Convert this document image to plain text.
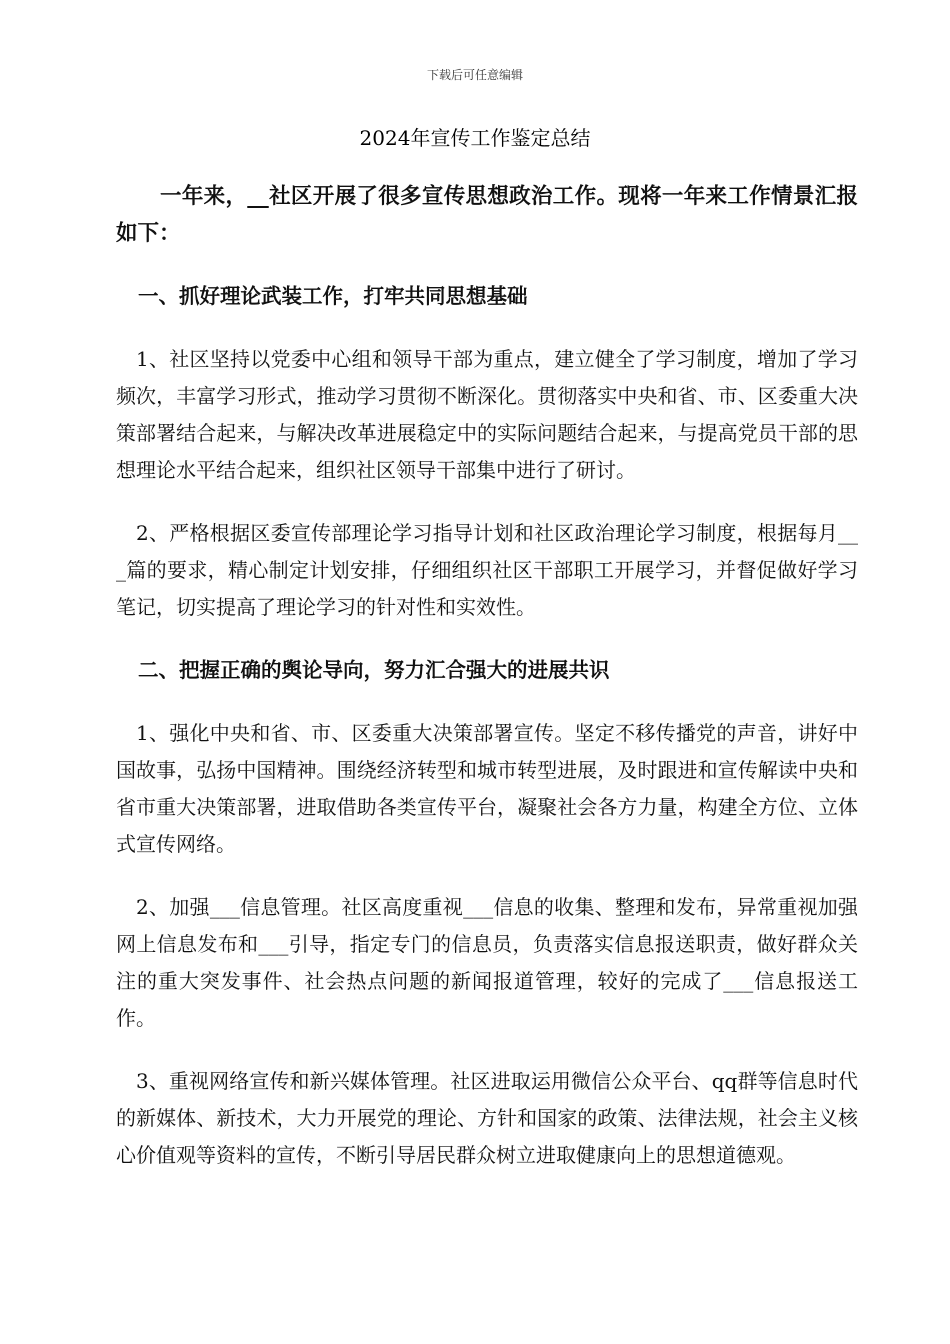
下载后可任意编辑
2024年宣传工作鉴定总结

一年来，__社区开展了很多宣传思想政治工作。现将一年来工作情景汇报如下：

一、抓好理论武装工作，打牢共同思想基础

1、社区坚持以党委中心组和领导干部为重点，建立健全了学习制度，增加了学习频次，丰富学习形式，推动学习贯彻不断深化。贯彻落实中央和省、市、区委重大决策部署结合起来，与解决改革进展稳定中的实际问题结合起来，与提高党员干部的思想理论水平结合起来，组织社区领导干部集中进行了研讨。

2、严格根据区委宣传部理论学习指导计划和社区政治理论学习制度，根据每月___篇的要求，精心制定计划安排，仔细组织社区干部职工开展学习，并督促做好学习笔记，切实提高了理论学习的针对性和实效性。

二、把握正确的舆论导向，努力汇合强大的进展共识

1、强化中央和省、市、区委重大决策部署宣传。坚定不移传播党的声音，讲好中国故事，弘扬中国精神。围绕经济转型和城市转型进展，及时跟进和宣传解读中央和省市重大决策部署，进取借助各类宣传平台，凝聚社会各方力量，构建全方位、立体式宣传网络。

2、加强___信息管理。社区高度重视___信息的收集、整理和发布，异常重视加强网上信息发布和___引导，指定专门的信息员，负责落实信息报送职责，做好群众关注的重大突发事件、社会热点问题的新闻报道管理，较好的完成了___信息报送工作。

3、重视网络宣传和新兴媒体管理。社区进取运用微信公众平台、qq群等信息时代的新媒体、新技术，大力开展党的理论、方针和国家的政策、法律法规，社会主义核心价值观等资料的宣传，不断引导居民群众树立进取健康向上的思想道德观。
